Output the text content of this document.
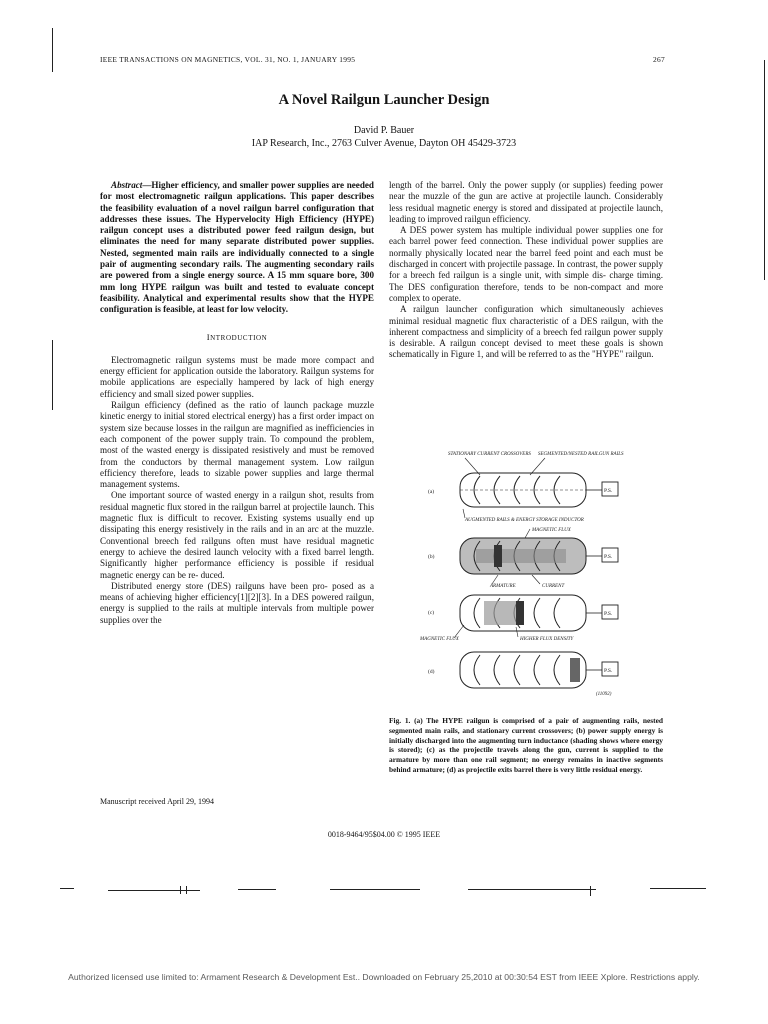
IEEE TRANSACTIONS ON MAGNETICS, VOL. 31, NO. 1, JANUARY 1995	267
A Novel Railgun Launcher Design
David P. Bauer
IAP Research, Inc., 2763 Culver Avenue, Dayton OH 45429-3723

Abstract—Higher efficiency, and smaller power supplies are needed for most electromagnetic railgun applications. This paper describes the feasibility evaluation of a novel railgun barrel configuration that addresses these issues. The Hypervelocity High Efficiency (HYPE) railgun concept uses a distributed power feed railgun design, but eliminates the need for many separate distributed power supplies. Nested, segmented main rails are individually connected to a single pair of augmenting secondary rails. The augmenting secondary rails are powered from a single energy source. A 15 mm square bore, 300 mm long HYPE railgun was built and tested to evaluate concept feasibility. Analytical and experimental results show that the HYPE configuration is feasible, at least for low velocity.

INTRODUCTION

Electromagnetic railgun systems must be made more compact and energy efficient for application outside the laboratory. Railgun systems for mobile applications are especially hampered by lack of high energy efficiency and small sized power supplies.

Railgun efficiency (defined as the ratio of launch package muzzle kinetic energy to initial stored electrical energy) has a first order impact on system size because losses in the railgun are magnified as inefficiencies in each component of the power supply train. To compound the problem, most of the wasted energy is dissipated resistively and must be removed from the conductors by thermal management system. Low railgun efficiency therefore, leads to sizable power supplies and large thermal management systems.

One important source of wasted energy in a railgun shot, results from residual magnetic flux stored in the railgun barrel at projectile launch. This magnetic flux is difficult to recover. Existing systems usually end up dissipating this energy resistively in the rails and in an arc at the muzzle. Conventional breech fed railguns often must have residual magnetic energy to achieve the desired launch velocity with a fixed barrel length. Significantly higher performance efficiency is possible if residual magnetic energy can be re- duced.

Distributed energy store (DES) railguns have been pro- posed as a means of achieving higher efficiency[1][2][3]. In a DES powered railgun, energy is supplied to the rails at multiple intervals from multiple power supplies over the

Manuscript received April 29, 1994

length of the barrel. Only the power supply (or supplies) feeding power near the muzzle of the gun are active at projectile launch. Considerably less residual magnetic energy is stored and dissipated at projectile launch, leading to improved railgun efficiency.

A DES power system has multiple individual power supplies one for each barrel power feed connection. These individual power supplies are normally physically located near the barrel feed point and each must be discharged in concert with projectile passage. In contrast, the power supply for a breech fed railgun is a single unit, with simple dis- charge timing. The DES configuration therefore, tends to be non-compact and more complex to operate.

A railgun launcher configuration which simultaneously achieves minimal residual magnetic flux characteristic of a DES railgun, with the inherent compactness and simplicity of a breech fed railgun power supply is desirable. A railgun concept devised to meet these goals is shown schematically in Figure 1, and will be referred to as the "HYPE" railgun.

STATIONARY CURRENT CROSSOVERS SEGMENTED/NESTED RAILGUN RAILS
(a)	P.S.
AUGMENTED RAILS & ENERGY STORAGE INDUCTOR
MAGNETIC FLUX
(b)	P.S.
ARMATURE	CURRENT
(c)	P.S.
MAGNETIC FLUX	HIGHER FLUX DENSITY
(d)	P.S.
(11092)
Fig. 1. (a) The HYPE railgun is comprised of a pair of augmenting rails, nested segmented main rails, and stationary current crossovers; (b) power supply energy is initially discharged into the augmenting turn inductance (shading shows where energy is stored); (c) as the projectile travels along the gun, current is supplied to the armature by more than one rail segment; no energy remains in inactive segments behind armature; (d) as projectile exits barrel there is very little residual energy.
0018-9464/95$04.00 © 1995 IEEE
Authorized licensed use limited to: Armament Research & Development Est.. Downloaded on February 25,2010 at 00:30:54 EST from IEEE Xplore. Restrictions apply.
